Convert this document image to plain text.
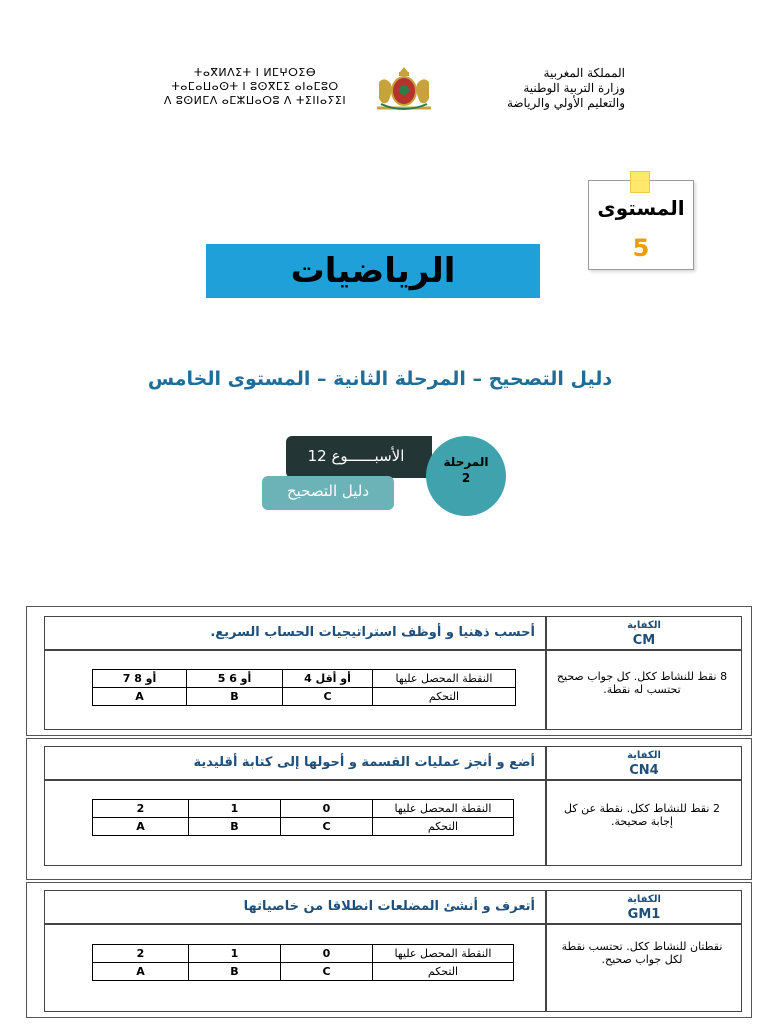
ⵜⴰⴳⵍⴷⵉⵜ ⵏ ⵍⵎⵖⵔⵉⴱ
ⵜⴰⵎⴰⵡⴰⵙⵜ ⵏ ⵓⵙⴳⵎⵉ ⴰⵏⴰⵎⵓⵔ
ⴷ ⵓⵙⵍⵎⴷ ⴰⵎⵣⵡⴰⵔⵓ ⴷ ⵜⵉⵏⵏⴰⵢⵉⵏ
المملكة المغربية
وزارة التربية الوطنية
والتعليم الأولي والرياضة
المستوى
5
الرياضيات
دليل التصحيح – المرحلة الثانية – المستوى الخامس
الأسبــــــوع 12
دليل التصحيح
المرحلة
2
أحسب ذهنيا و أوظف استراتيجيات الحساب السريع.	الكفاية
CM
8 نقط للنشاط ككل. كل جواب صحيح تحتسب له نقطة.
7 أو 8	5 أو 6	4 أو أقل	النقطة المحصل عليها
A	B	C	التحكم
أضع و أنجز عمليات القسمة و أحولها إلى كتابة أقليدية	الكفاية
CN4
2 نقط للنشاط ككل. نقطة عن كل إجابة صحيحة.
2	1	0	النقطة المحصل عليها
A	B	C	التحكم
أتعرف و أنشئ المضلعات انطلاقا من خاصياتها	الكفاية
GM1
نقطتان للنشاط ككل. تحتسب نقطة لكل جواب صحيح.
2	1	0	النقطة المحصل عليها
A	B	C	التحكم
